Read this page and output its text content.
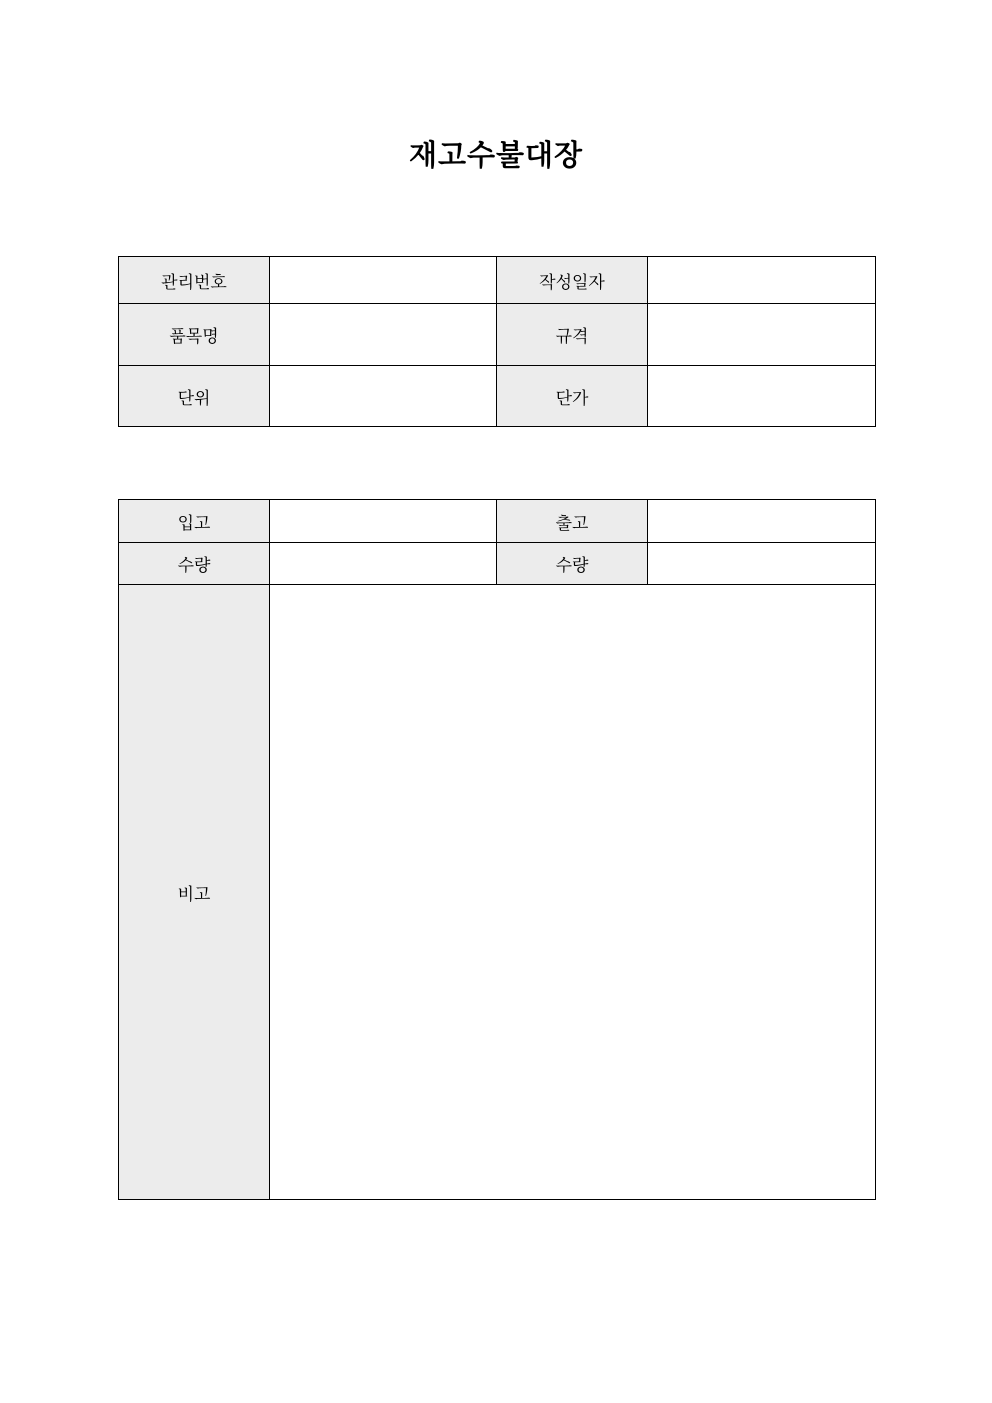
재고수불대장
관리번호		작성일자	
품목명		규격	
단위		단가	
입고		출고	
수량		수량	
비고			
